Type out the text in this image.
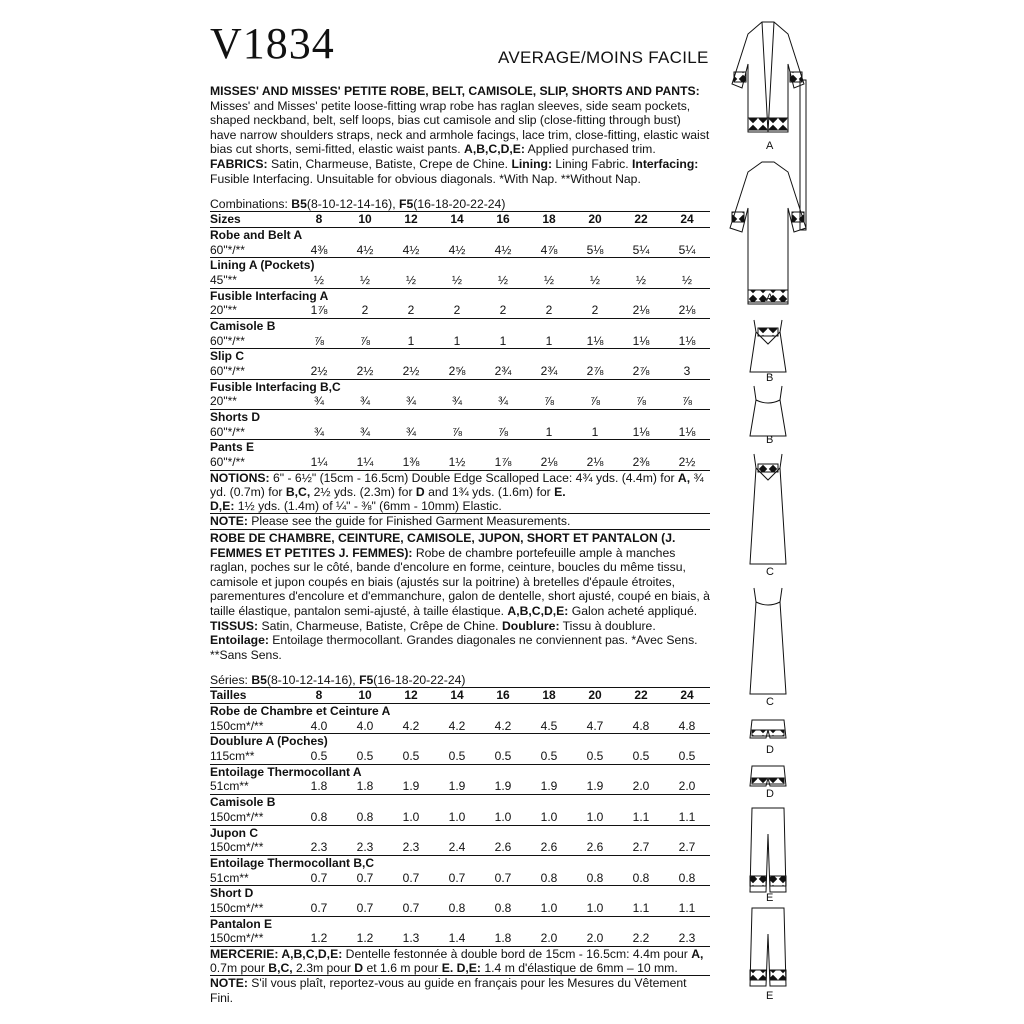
V1834	AVERAGE/MOINS FACILE
MISSES' AND MISSES' PETITE ROBE, BELT, CAMISOLE, SLIP, SHORTS AND PANTS: Misses' and Misses' petite loose-fitting wrap robe has raglan sleeves, side seam pockets, shaped neckband, belt, self loops, bias cut camisole and slip (close-fitting through bust) have narrow shoulders straps, neck and armhole facings, lace trim, close-fitting, elastic waist bias cut shorts, semi-fitted, elastic waist pants. A,B,C,D,E: Applied purchased trim. FABRICS: Satin, Charmeuse, Batiste, Crepe de Chine. Lining: Lining Fabric. Interfacing: Fusible Interfacing. Unsuitable for obvious diagonals. *With Nap. **Without Nap.
Combinations: B5(8-10-12-14-16), F5(16-18-20-22-24)
Sizes	8	10	12	14	16	18	20	22	24
Robe and Belt A									
60"*/**	4⅜	4½	4½	4½	4½	4⅞	5⅛	5¼	5¼
Lining A (Pockets)									
45"**	½	½	½	½	½	½	½	½	½
Fusible Interfacing A									
20"**	1⅞	2	2	2	2	2	2	2⅛	2⅛
Camisole B									
60"*/**	⅞	⅞	1	1	1	1	1⅛	1⅛	1⅛
Slip C									
60"*/**	2½	2½	2½	2⅝	2¾	2¾	2⅞	2⅞	3
Fusible Interfacing B,C									
20"**	¾	¾	¾	¾	¾	⅞	⅞	⅞	⅞
Shorts D									
60"*/**	¾	¾	¾	⅞	⅞	1	1	1⅛	1⅛
Pants E									
60"*/**	1¼	1¼	1⅜	1½	1⅞	2⅛	2⅛	2⅜	2½
NOTIONS: 6" - 6½" (15cm - 16.5cm) Double Edge Scalloped Lace: 4¾ yds. (4.4m) for A, ¾ yd. (0.7m) for B,C, 2½ yds. (2.3m) for D and 1¾ yds. (1.6m) for E.
D,E: 1½ yds. (1.4m) of ¼" - ⅜" (6mm - 10mm) Elastic.
NOTE: Please see the guide for Finished Garment Measurements.
ROBE DE CHAMBRE, CEINTURE, CAMISOLE, JUPON, SHORT ET PANTALON (J. FEMMES ET PETITES J. FEMMES): Robe de chambre portefeuille ample à manches raglan, poches sur le côté, bande d'encolure en forme, ceinture, boucles du même tissu, camisole et jupon coupés en biais (ajustés sur la poitrine) à bretelles d'épaule étroites, parementures d'encolure et d'emmanchure, galon de dentelle, short ajusté, coupé en biais, à taille élastique, pantalon semi-ajusté, à taille élastique. A,B,C,D,E: Galon acheté appliqué. TISSUS: Satin, Charmeuse, Batiste, Crêpe de Chine. Doublure: Tissu à doublure. Entoilage: Entoilage thermocollant. Grandes diagonales ne conviennent pas. *Avec Sens. **Sans Sens.
Séries: B5(8-10-12-14-16), F5(16-18-20-22-24)
Tailles	8	10	12	14	16	18	20	22	24
Robe de Chambre et Ceinture A									
150cm*/**	4.0	4.0	4.2	4.2	4.2	4.5	4.7	4.8	4.8
Doublure A (Poches)									
115cm**	0.5	0.5	0.5	0.5	0.5	0.5	0.5	0.5	0.5
Entoilage Thermocollant A									
51cm**	1.8	1.8	1.9	1.9	1.9	1.9	1.9	2.0	2.0
Camisole B									
150cm*/**	0.8	0.8	1.0	1.0	1.0	1.0	1.0	1.1	1.1
Jupon C									
150cm*/**	2.3	2.3	2.3	2.4	2.6	2.6	2.6	2.7	2.7
Entoilage Thermocollant B,C									
51cm**	0.7	0.7	0.7	0.7	0.7	0.8	0.8	0.8	0.8
Short D									
150cm*/**	0.7	0.7	0.7	0.8	0.8	1.0	1.0	1.1	1.1
Pantalon E									
150cm*/**	1.2	1.2	1.3	1.4	1.8	2.0	2.0	2.2	2.3
MERCERIE: A,B,C,D,E: Dentelle festonnée à double bord de 15cm - 16.5cm: 4.4m pour A, 0.7m pour B,C, 2.3m pour D et 1.6 m pour E. D,E: 1.4 m d'élastique de 6mm – 10 mm.
NOTE: S'il vous plaît, reportez-vous au guide en français pour les Mesures du Vêtement Fini.
A
A
B
B
C
C
D
D
E
E
